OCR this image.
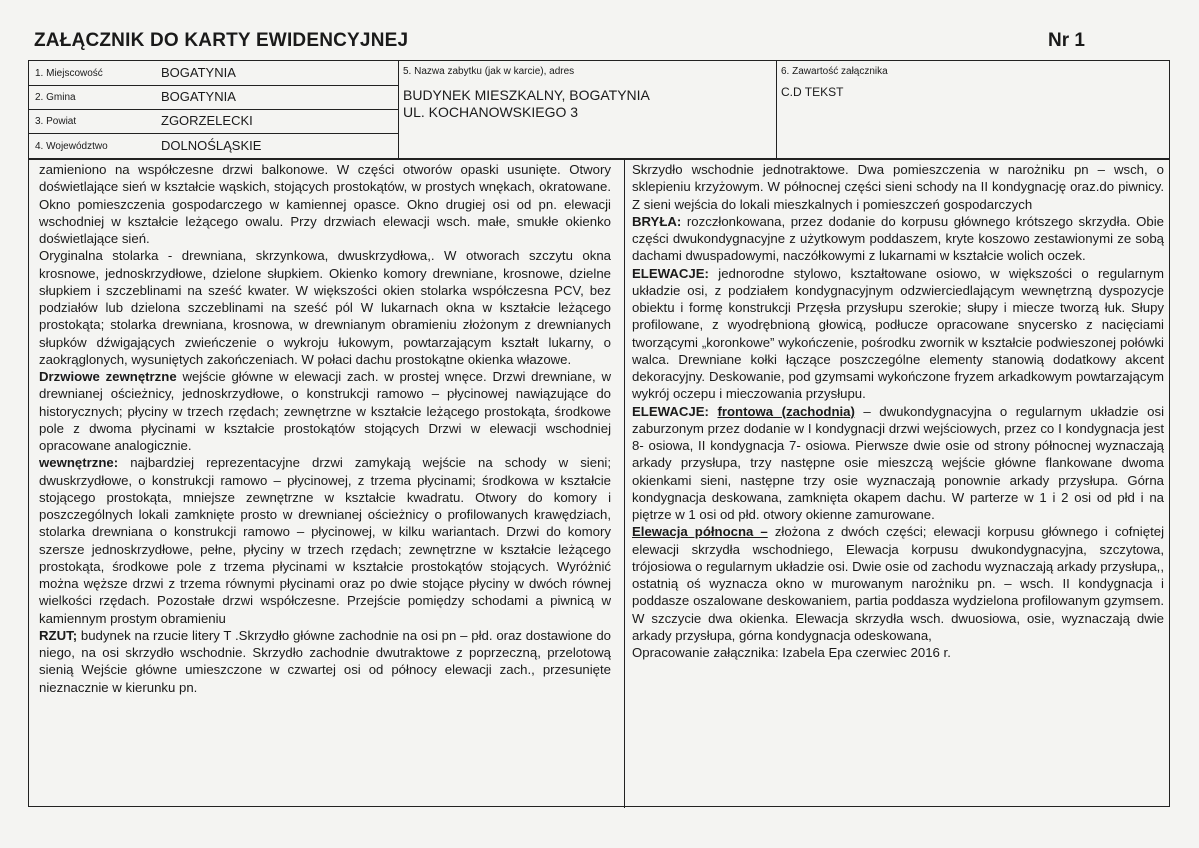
ZAŁĄCZNIK DO KARTY EWIDENCYJNEJ	Nr 1
1. Miejscowość	BOGATYNIA
2. Gmina	BOGATYNIA
3. Powiat	ZGORZELECKI
4. Województwo	DOLNOŚLĄSKIE
5. Nazwa zabytku (jak w karcie), adres
BUDYNEK MIESZKALNY, BOGATYNIA
UL. KOCHANOWSKIEGO 3
6. Zawartość załącznika
C.D TEKST

zamieniono na współczesne drzwi balkonowe. W części otworów opaski usunięte. Otwory doświetlające sień w kształcie wąskich, stojących prostokątów, w prostych wnękach, okratowane. Okno pomieszczenia gospodarczego w kamiennej opasce. Okno drugiej osi od pn. elewacji wschodniej w kształcie leżącego owalu. Przy drzwiach elewacji wsch. małe, smukłe okienko doświetlające sień.

Oryginalna stolarka - drewniana, skrzynkowa, dwuskrzydłowa,. W otworach szczytu okna krosnowe, jednoskrzydłowe, dzielone słupkiem. Okienko komory drewniane, krosnowe, dzielne słupkiem i szczeblinami na sześć kwater. W większości okien stolarka współczesna PCV, bez podziałów lub dzielona szczeblinami na sześć pól W lukarnach okna w kształcie leżącego prostokąta; stolarka drewniana, krosnowa, w drewnianym obramieniu złożonym z drewnianych słupków dźwigających zwieńczenie o wykroju łukowym, powtarzającym kształt lukarny, o zaokrąglonych, wysuniętych zakończeniach. W połaci dachu prostokątne okienka włazowe.

Drzwiowe zewnętrzne wejście główne w elewacji zach. w prostej wnęce. Drzwi drewniane, w drewnianej ościeżnicy, jednoskrzydłowe, o konstrukcji ramowo – płycinowej nawiązujące do historycznych; płyciny w trzech rzędach; zewnętrzne w kształcie leżącego prostokąta, środkowe pole z dwoma płycinami w kształcie prostokątów stojących Drzwi w elewacji wschodniej opracowane analogicznie.

wewnętrzne: najbardziej reprezentacyjne drzwi zamykają wejście na schody w sieni; dwuskrzydłowe, o konstrukcji ramowo – płycinowej, z trzema płycinami; środkowa w kształcie stojącego prostokąta, mniejsze zewnętrzne w kształcie kwadratu. Otwory do komory i poszczególnych lokali zamknięte prosto w drewnianej ościeżnicy o profilowanych krawędziach, stolarka drewniana o konstrukcji ramowo – płycinowej, w kilku wariantach. Drzwi do komory szersze jednoskrzydłowe, pełne, płyciny w trzech rzędach; zewnętrzne w kształcie leżącego prostokąta, środkowe pole z trzema płycinami w kształcie prostokątów stojących. Wyróżnić można węższe drzwi z trzema równymi płycinami oraz po dwie stojące płyciny w dwóch równej wielkości rzędach. Pozostałe drzwi współczesne. Przejście pomiędzy schodami a piwnicą w kamiennym prostym obramieniu

RZUT; budynek na rzucie litery T .Skrzydło główne zachodnie na osi pn – płd. oraz dostawione do niego, na osi skrzydło wschodnie. Skrzydło zachodnie dwutraktowe z poprzeczną, przelotową sienią Wejście główne umieszczone w czwartej osi od północy elewacji zach., przesunięte nieznacznie w kierunku pn.

Skrzydło wschodnie jednotraktowe. Dwa pomieszczenia w narożniku pn – wsch, o sklepieniu krzyżowym. W północnej części sieni schody na II kondygnację oraz.do piwnicy. Z sieni wejścia do lokali mieszkalnych i pomieszczeń gospodarczych

BRYŁA: rozczłonkowana, przez dodanie do korpusu głównego krótszego skrzydła. Obie części dwukondygnacyjne z użytkowym poddaszem, kryte koszowo zestawionymi ze sobą dachami dwuspadowymi, naczółkowymi z lukarnami w kształcie wolich oczek.

ELEWACJE: jednorodne stylowo, kształtowane osiowo, w większości o regularnym układzie osi, z podziałem kondygnacyjnym odzwierciedlającym wewnętrzną dyspozycje obiektu i formę konstrukcji Przęsła przysłupu szerokie; słupy i miecze tworzą łuk. Słupy profilowane, z wyodrębnioną głowicą, podłucze opracowane snycersko z nacięciami tworzącymi „koronkowe” wykończenie, pośrodku zwornik w kształcie podwieszonej połówki walca. Drewniane kołki łączące poszczególne elementy stanowią dodatkowy akcent dekoracyjny. Deskowanie, pod gzymsami wykończone fryzem arkadkowym powtarzającym wykrój oczepu i mieczowania przysłupu.

ELEWACJE: frontowa (zachodnia) – dwukondygnacyjna o regularnym układzie osi zaburzonym przez dodanie w I kondygnacji drzwi wejściowych, przez co I kondygnacja jest 8- osiowa, II kondygnacja 7- osiowa. Pierwsze dwie osie od strony północnej wyznaczają arkady przysłupa, trzy następne osie mieszczą wejście główne flankowane dwoma okienkami sieni, następne trzy osie wyznaczają ponownie arkady przysłupa. Górna kondygnacja deskowana, zamknięta okapem dachu. W parterze w 1 i 2 osi od płd i na piętrze w 1 osi od płd. otwory okienne zamurowane.

Elewacja północna – złożona z dwóch części; elewacji korpusu głównego i cofniętej elewacji skrzydła wschodniego, Elewacja korpusu dwukondygnacyjna, szczytowa, trójosiowa o regularnym układzie osi. Dwie osie od zachodu wyznaczają arkady przysłupa,, ostatnią oś wyznacza okno w murowanym narożniku pn. – wsch. II kondygnacja i poddasze oszalowane deskowaniem, partia poddasza wydzielona profilowanym gzymsem. W szczycie dwa okienka. Elewacja skrzydła wsch. dwuosiowa, osie, wyznaczają dwie arkady przysłupa, górna kondygnacja odeskowana,

Opracowanie załącznika: Izabela Epa czerwiec 2016 r.
